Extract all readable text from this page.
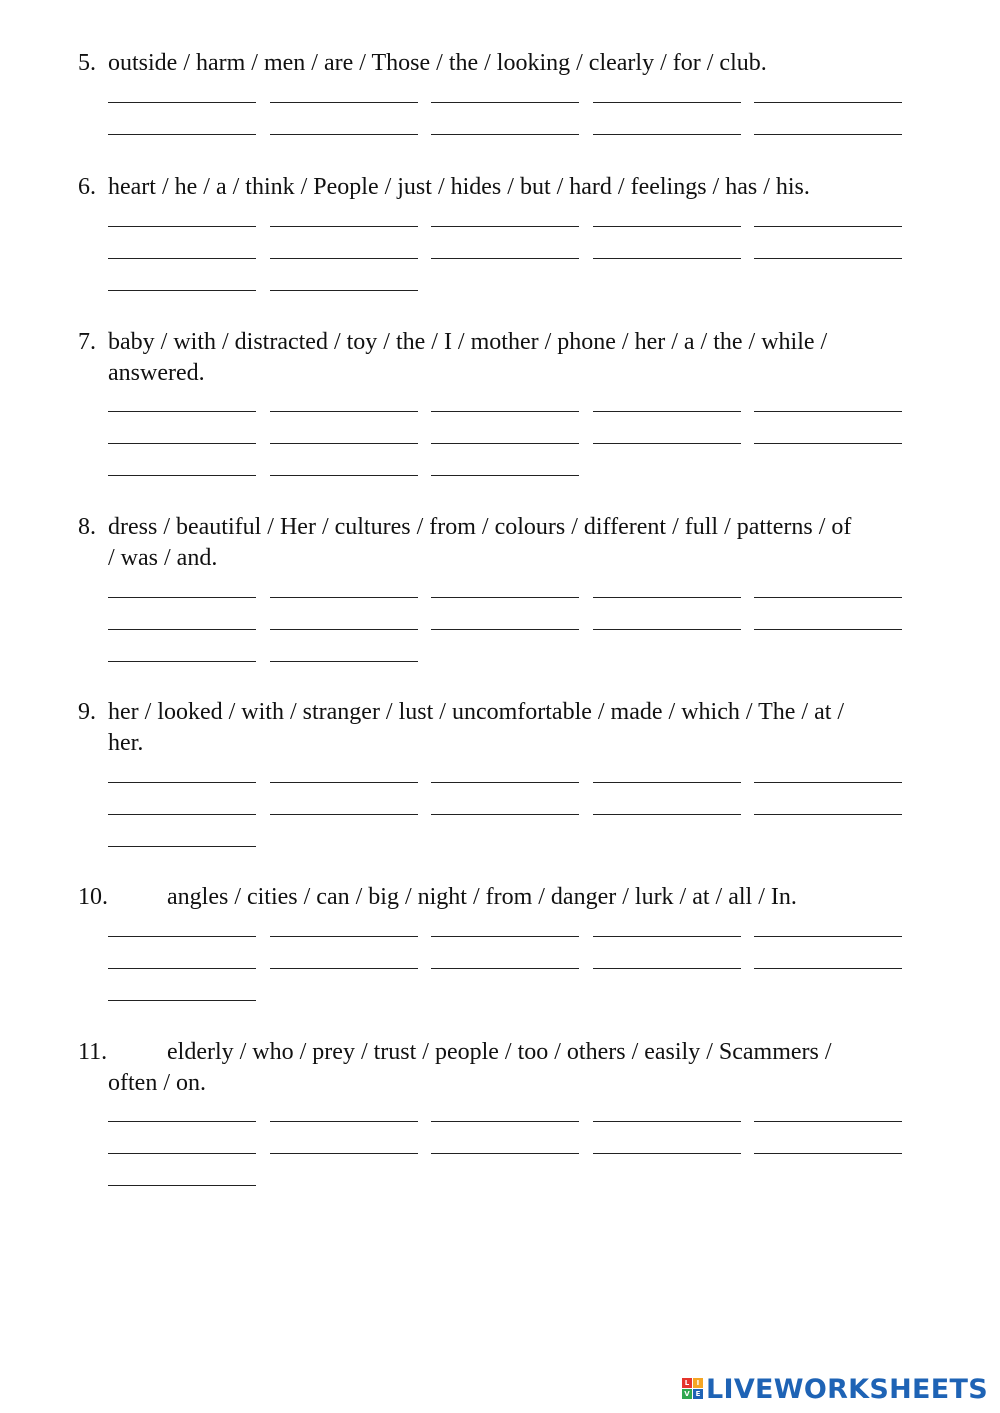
5. outside / harm / men / are / Those / the / looking / clearly / for / club.
6. heart / he / a / think / People / just / hides / but / hard / feelings / has / his.
7. baby / with / distracted / toy / the / I / mother / phone / her / a / the / while /
answered.
8. dress / beautiful / Her / cultures / from / colours / different / full / patterns / of
/ was / and.
9. her / looked / with / stranger / lust / uncomfortable / made / which / The / at /
her.
10. angles / cities / can / big / night / from / danger / lurk / at / all / In.
11. elderly / who / prey / trust / people / too / others / easily / Scammers /
often / on.
L	I
V E LIVEWORKSHEETS
